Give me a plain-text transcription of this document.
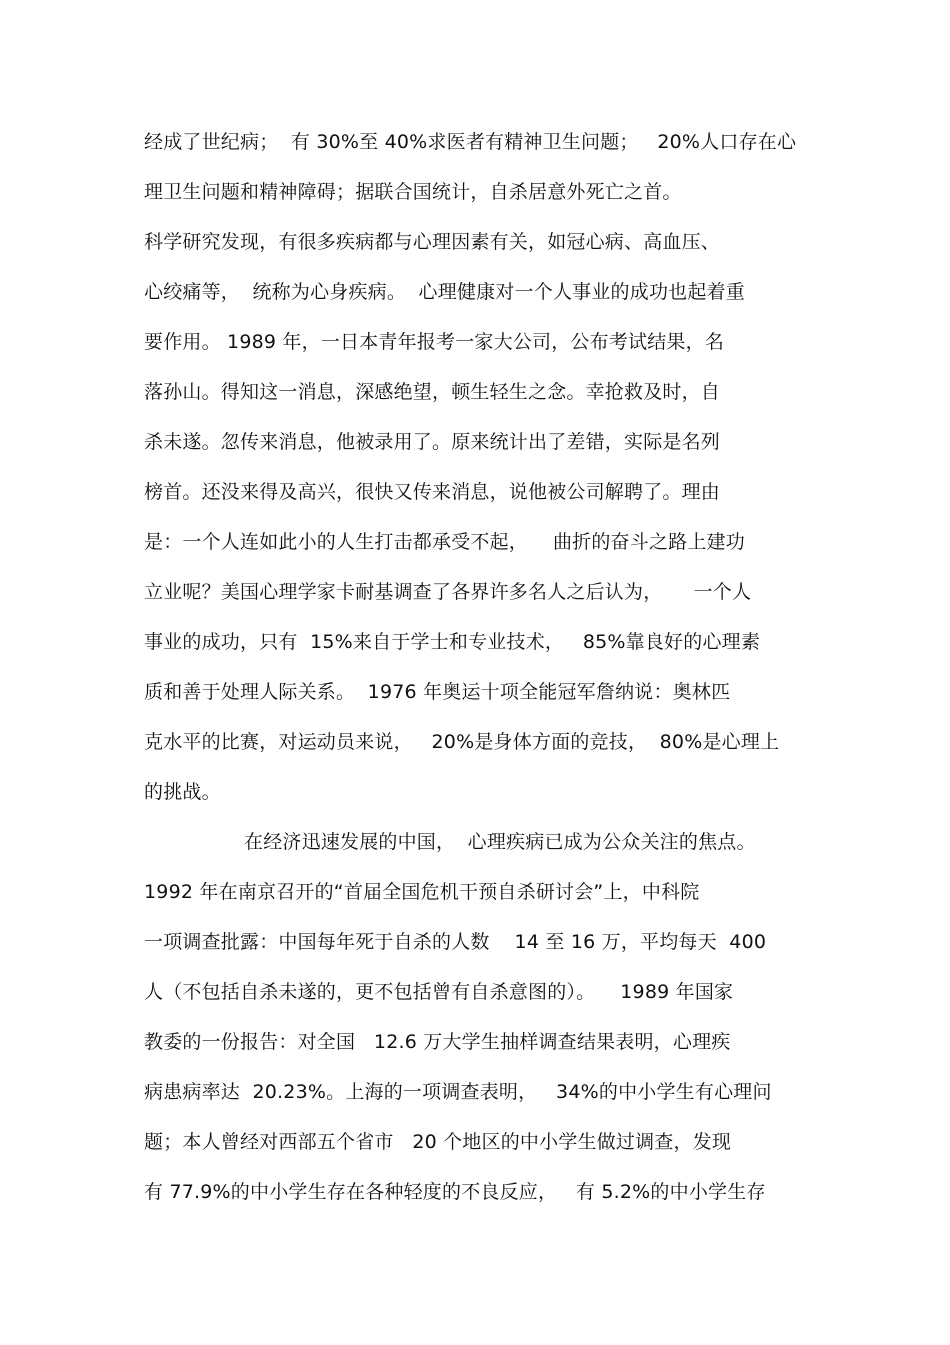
经成了世纪病；  有 30%至 40%求医者有精神卫生问题；   20%人口存在心
理卫生问题和精神障碍；据联合国统计，自杀居意外死亡之首。
科学研究发现，有很多疾病都与心理因素有关，如冠心病、高血压、
心绞痛等，  统称为心身疾病。  心理健康对一个人事业的成功也起着重
要作用。 1989 年，一日本青年报考一家大公司，公布考试结果，名
落孙山。得知这一消息，深感绝望，顿生轻生之念。幸抢救及时，自
杀未遂。忽传来消息，他被录用了。原来统计出了差错，实际是名列
榜首。还没来得及高兴，很快又传来消息，说他被公司解聘了。理由
是：一个人连如此小的人生打击都承受不起，    曲折的奋斗之路上建功
立业呢？美国心理学家卡耐基调查了各界许多名人之后认为，     一个人
事业的成功，只有  15%来自于学士和专业技术，   85%靠良好的心理素
质和善于处理人际关系。  1976 年奥运十项全能冠军詹纳说：奥林匹
克水平的比赛，对运动员来说，   20%是身体方面的竞技，  80%是心理上
的挑战。
在经济迅速发展的中国，  心理疾病已成为公众关注的焦点。
1992 年在南京召开的“首届全国危机干预自杀研讨会”上，中科院
一项调查批露：中国每年死于自杀的人数    14 至 16 万，平均每天  400
人（不包括自杀未遂的，更不包括曾有自杀意图的）。    1989 年国家
教委的一份报告：对全国   12.6 万大学生抽样调查结果表明，心理疾
病患病率达  20.23%。上海的一项调查表明，   34%的中小学生有心理问
题；本人曾经对西部五个省市   20 个地区的中小学生做过调查，发现
有 77.9%的中小学生存在各种轻度的不良反应，   有 5.2%的中小学生存
